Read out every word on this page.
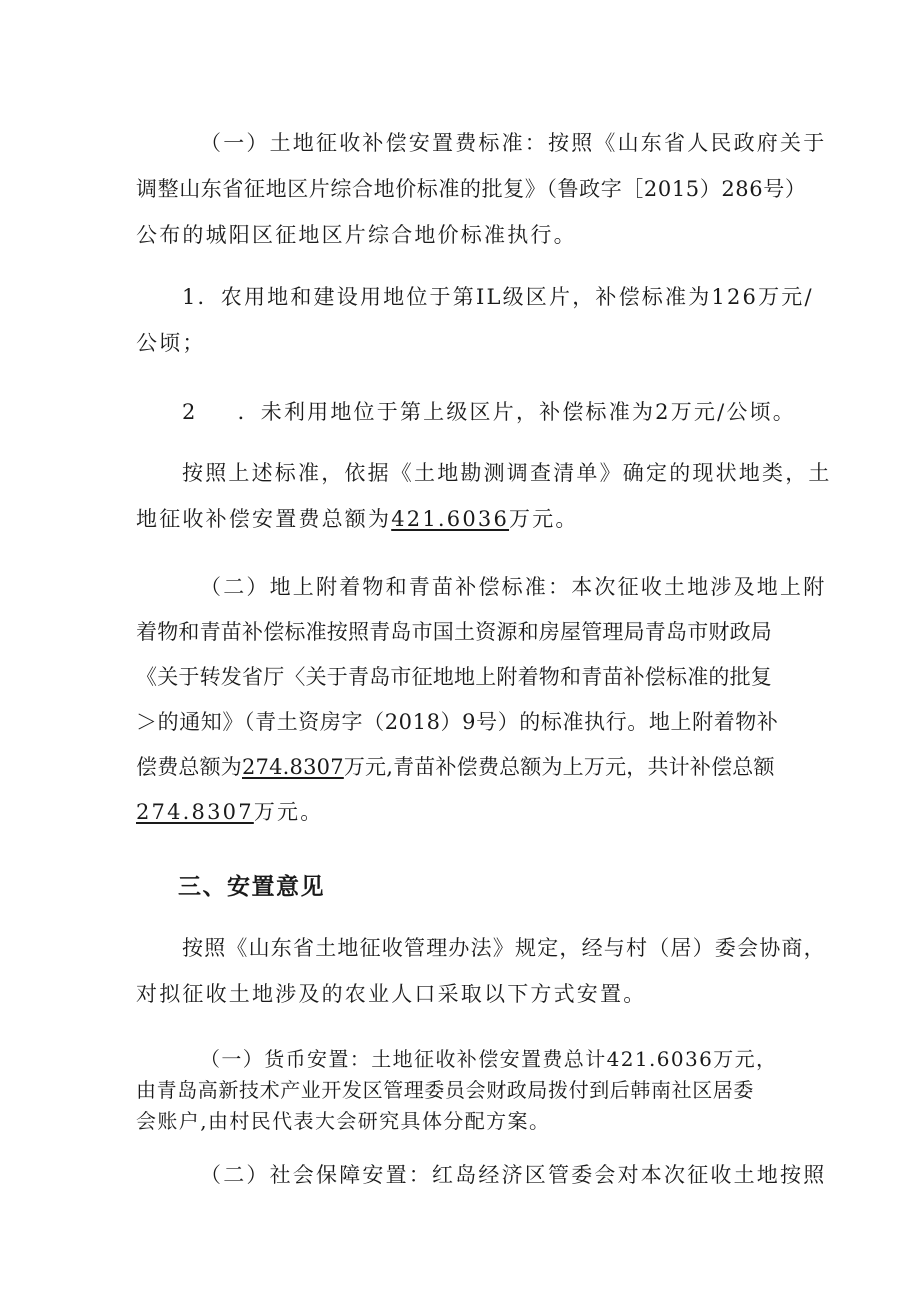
（一）土地征收补偿安置费标准：按照《山东省人民政府关于
调整山东省征地区片综合地价标准的批复》（鲁政字［2015）286号）
公布的城阳区征地区片综合地价标准执行。

1．农用地和建设用地位于第IL级区片，补偿标准为126万元/
公顷；

2 ．未利用地位于第上级区片，补偿标准为2万元/公顷。

按照上述标准，依据《土地勘测调查清单》确定的现状地类，土
地征收补偿安置费总额为421.6036万元。

（二）地上附着物和青苗补偿标准：本次征收土地涉及地上附
着物和青苗补偿标准按照青岛市国土资源和房屋管理局青岛市财政局
《关于转发省厅〈关于青岛市征地地上附着物和青苗补偿标准的批复
＞的通知》（青土资房字（2018）9号）的标准执行。地上附着物补
偿费总额为274.8307万元,青苗补偿费总额为上万元，共计补偿总额
274.8307万元。

三、安置意见

按照《山东省土地征收管理办法》规定，经与村（居）委会协商，
对拟征收土地涉及的农业人口采取以下方式安置。

（一）货币安置：土地征收补偿安置费总计421.6036万元，
由青岛高新技术产业开发区管理委员会财政局拨付到后韩南社区居委
会账户,由村民代表大会研究具体分配方案。

（二）社会保障安置：红岛经济区管委会对本次征收土地按照
